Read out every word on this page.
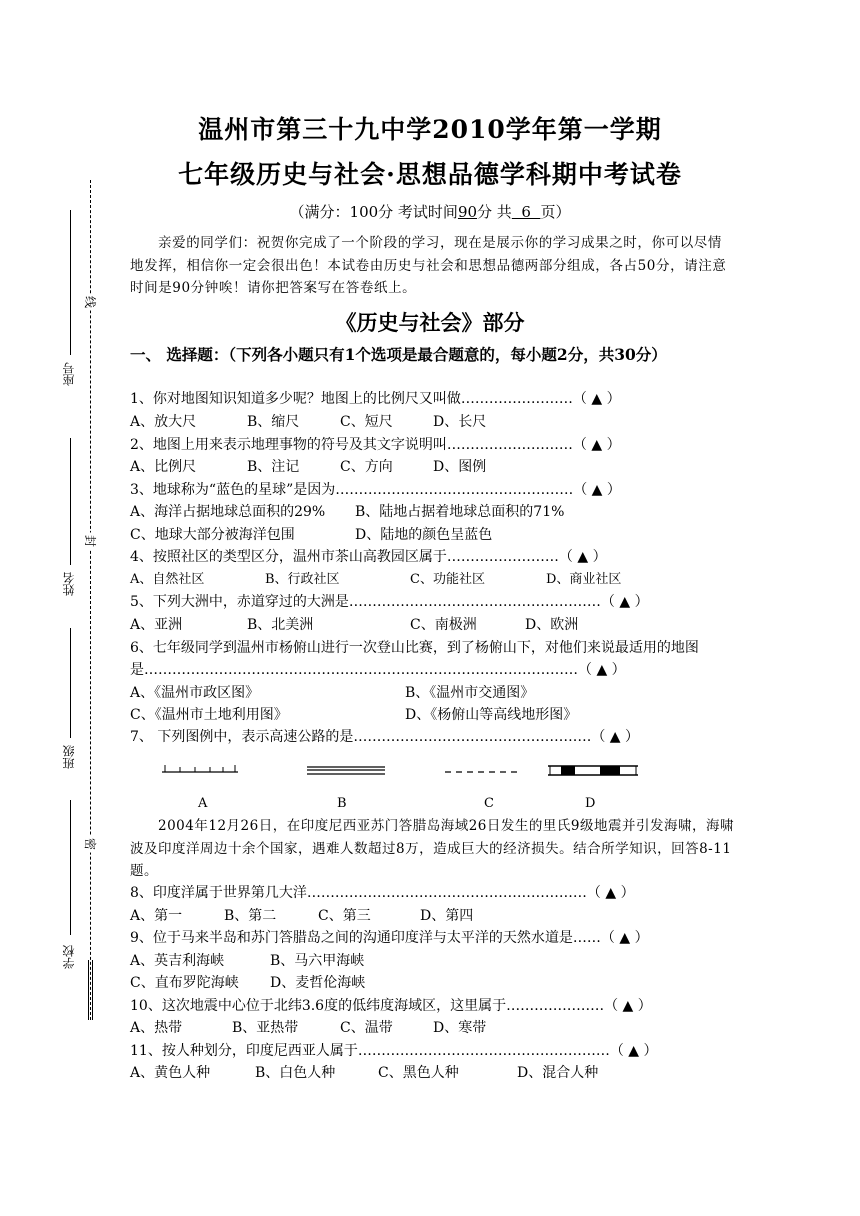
座号
姓名
班级
学校
线
封
密
温州市第三十九中学2010学年第一学期
七年级历史与社会·思想品德学科期中考试卷
（满分：100分 考试时间90分 共  6  页）
亲爱的同学们：祝贺你完成了一个阶段的学习，现在是展示你的学习成果之时，你可以尽情地发挥，相信你一定会很出色！本试卷由历史与社会和思想品德两部分组成，各占50分，请注意时间是90分钟唉！请你把答案写在答卷纸上。
《历史与社会》部分
一、 选择题：（下列各小题只有1个选项是最合题意的，每小题2分，共30分）
1、你对地图知识知道多少呢？地图上的比例尺又叫做……………………（ ▲ ）
A、放大尺	B、缩尺	C、短尺	D、长尺
2、地图上用来表示地理事物的符号及其文字说明叫………………………（ ▲ ）
A、比例尺	B、注记	C、方向	D、图例
3、地球称为“蓝色的星球”是因为……………………………………………（ ▲ ）
A、海洋占据地球总面积的29% B、陆地占据着地球总面积的71%
C、地球大部分被海洋包围	D、陆地的颜色呈蓝色
4、按照社区的类型区分，温州市茶山高教园区属于……………………（ ▲ ）
A、自然社区	B、行政社区	C、功能社区	D、商业社区
5、下列大洲中，赤道穿过的大洲是………………………………………………（ ▲ ）
A、亚洲	B、北美洲	C、南极洲	D、欧洲
6、七年级同学到温州市杨俯山进行一次登山比赛，到了杨俯山下，对他们来说最适用的地图是…………………………………………………………………………………（ ▲ ）
A、《温州市政区图》	B、《温州市交通图》
C、《温州市土地利用图》	D、《杨俯山等高线地形图》
7、 下列图例中，表示高速公路的是……………………………………………（ ▲ ）
A	B	C	D
2004年12月26日，在印度尼西亚苏门答腊岛海域26日发生的里氏9级地震并引发海啸，海啸波及印度洋周边十余个国家，遇难人数超过8万，造成巨大的经济损失。结合所学知识，回答8-11题。
8、印度洋属于世界第几大洋……………………………………………………（ ▲ ）
A、第一	B、第二	C、第三	D、第四
9、位于马来半岛和苏门答腊岛之间的沟通印度洋与太平洋的天然水道是……（ ▲ ）
A、英吉利海峡	B、马六甲海峡
C、直布罗陀海峡 D、麦哲伦海峡
10、这次地震中心位于北纬3.6度的低纬度海域区，这里属于…………………（ ▲ ）
A、热带	B、亚热带	C、温带	D、寒带
11、按人种划分，印度尼西亚人属于………………………………………………（ ▲ ）
A、黄色人种	B、白色人种	C、黑色人种	D、混合人种
